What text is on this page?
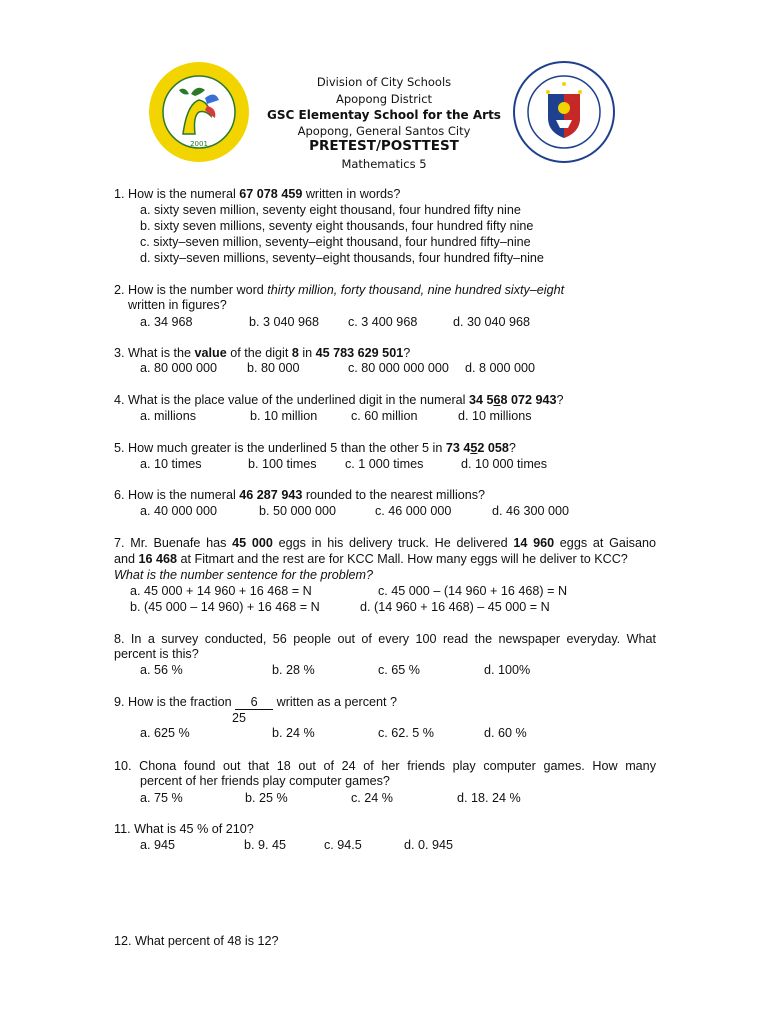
2001
Division of City Schools
Apopong District
GSC Elementay School for the Arts
Apopong, General Santos City
PRETEST/POSTTEST
Mathematics 5
1. How is the numeral 67 078 459 written in words?
a. sixty seven million, seventy eight thousand, four hundred fifty nine
b. sixty seven millions, seventy eight thousands, four hundred fifty nine
c. sixty–seven million, seventy–eight thousand, four hundred fifty–nine
d. sixty–seven millions, seventy–eight thousands, four hundred fifty–nine
2. How is the number word thirty million, forty thousand, nine hundred sixty–eight
written in figures?
a. 34 968	b. 3 040 968 c. 3 400 968	d. 30 040 968
3. What is the value of the digit 8 in 45 783 629 501?
a. 80 000 000 b. 80 000	c. 80 000 000 000 d. 8 000 000
4. What is the place value of the underlined digit in the numeral 34 568 072 943?
a. millions	b. 10 million	c. 60 million	d. 10 millions
5. How much greater is the underlined 5 than the other 5 in 73 452 058?
a. 10 times	b. 100 times c. 1 000 times	d. 10 000 times
6. How is the numeral 46 287 943 rounded to the nearest millions?
a. 40 000 000	b. 50 000 000	c. 46 000 000	d. 46 300 000
7. Mr. Buenafe has 45 000 eggs in his delivery truck. He delivered 14 960 eggs at Gaisano
and 16 468 at Fitmart and the rest are for KCC Mall. How many eggs will he deliver to KCC?
What is the number sentence for the problem?
a. 45 000 + 14 960 + 16 468 = N	c. 45 000 – (14 960 + 16 468) = N
b. (45 000 – 14 960) + 16 468 = N	d. (14 960 + 16 468) – 45 000 = N
8. In a survey conducted, 56 people out of every 100 read the newspaper everyday. What
percent is this?
a. 56 %	b. 28 %	c. 65 %	d. 100%
9. How is the fraction 6 written as a percent ?
25
a. 625 %	b. 24 %	c. 62. 5 %	d. 60 %
10. Chona found out that 18 out of 24 of her friends play computer games. How many
percent of her friends play computer games?
a. 75 %	b. 25 %	c. 24 %	d. 18. 24 %
11. What is 45 % of 210?
a. 945	b. 9. 45	c. 94.5	d. 0. 945
12. What percent of 48 is 12?
